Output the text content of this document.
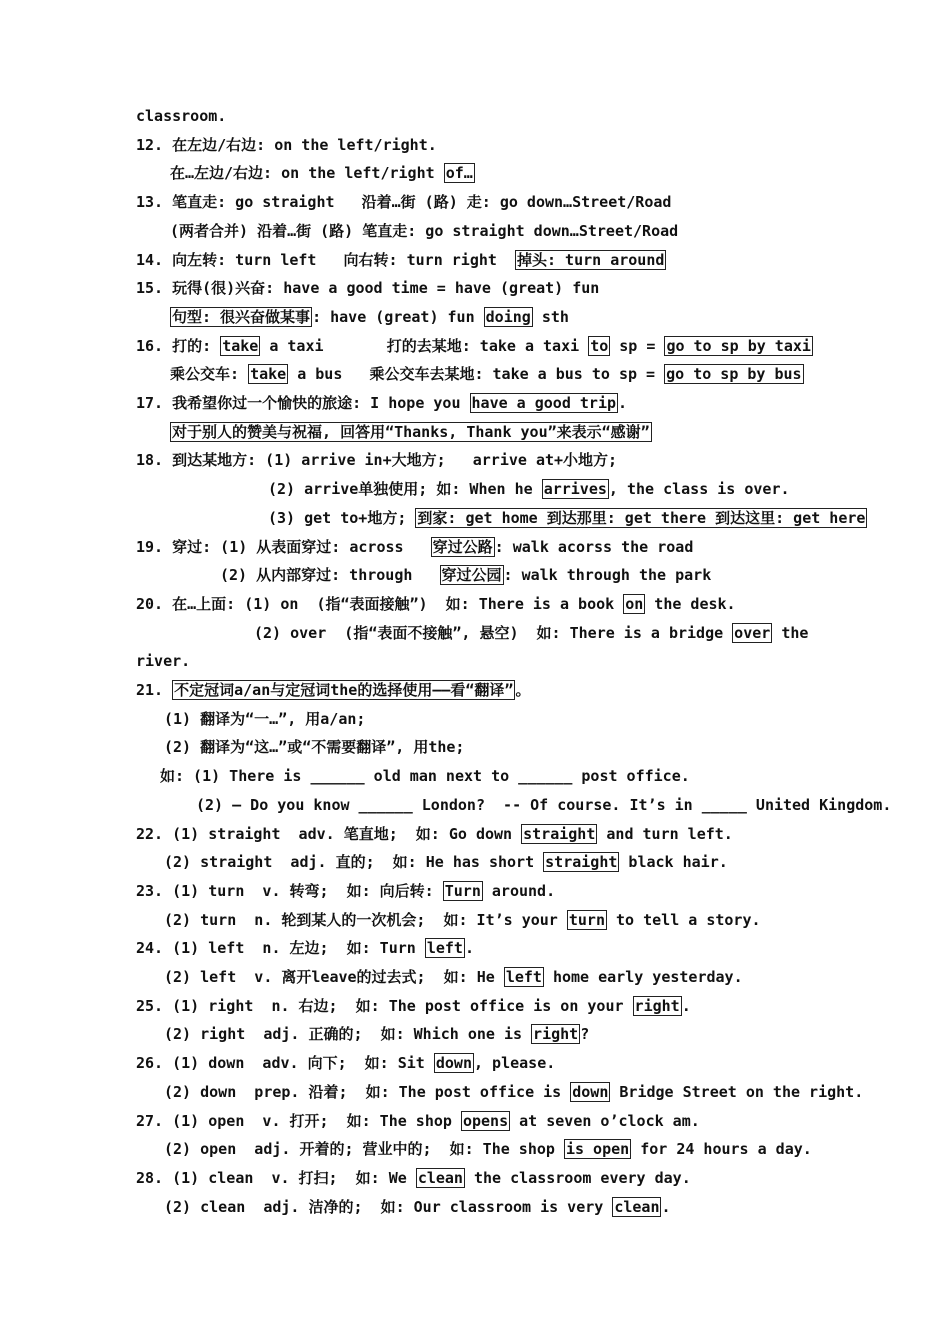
classroom.
12. 在左边/右边: on the left/right.
在…左边/右边: on the left/right of…
13. 笔直走: go straight   沿着…街 (路) 走: go down…Street/Road
(两者合并) 沿着…街 (路) 笔直走: go straight down…Street/Road
14. 向左转: turn left   向右转: turn right  掉头: turn around
15. 玩得(很)兴奋: have a good time = have (great) fun
句型: 很兴奋做某事 : have (great) fun doing sth
16. 打的: take a taxi       打的去某地: take a taxi to sp = go to sp by taxi
乘公交车: take a bus   乘公交车去某地: take a bus to sp = go to sp by bus
17. 我希望你过一个愉快的旅途: I hope you have a good trip .
对于别人的赞美与祝福, 回答用“Thanks, Thank you”来表示“感谢”
18. 到达某地方: (1) arrive in+大地方;   arrive at+小地方;
(2) arrive单独使用; 如: When he arrives , the class is over.
(3) get to+地方; 到家: get home 到达那里: get there 到达这里: get here
19. 穿过: (1) 从表面穿过: across   穿过公路 : walk acorss the road
(2) 从内部穿过: through   穿过公园 : walk through the park
20. 在…上面: (1) on  (指“表面接触”)  如: There is a book on the desk.
(2) over  (指“表面不接触”, 悬空)  如: There is a bridge over the
river.
21. 不定冠词a/an与定冠词the的选择使用——看“翻译” 。
(1) 翻译为“一…”, 用a/an;
(2) 翻译为“这…”或“不需要翻译”, 用the;
如: (1) There is ______ old man next to ______ post office.
(2) – Do you know ______ London?  -- Of course. It’s in _____ United Kingdom.
22. (1) straight  adv. 笔直地;  如: Go down straight and turn left.
(2) straight  adj. 直的;  如: He has short straight black hair.
23. (1) turn  v. 转弯;  如: 向后转: Turn around.
(2) turn  n. 轮到某人的一次机会;  如: It’s your turn to tell a story.
24. (1) left  n. 左边;  如: Turn left .
(2) left  v. 离开leave的过去式;  如: He left home early yesterday.
25. (1) right  n. 右边;  如: The post office is on your right .
(2) right  adj. 正确的;  如: Which one is right ?
26. (1) down  adv. 向下;  如: Sit down , please.
(2) down  prep. 沿着;  如: The post office is down Bridge Street on the right.
27. (1) open  v. 打开;  如: The shop opens at seven o’clock am.
(2) open  adj. 开着的; 营业中的;  如: The shop is open for 24 hours a day.
28. (1) clean  v. 打扫;  如: We clean the classroom every day.
(2) clean  adj. 洁净的;  如: Our classroom is very clean .
